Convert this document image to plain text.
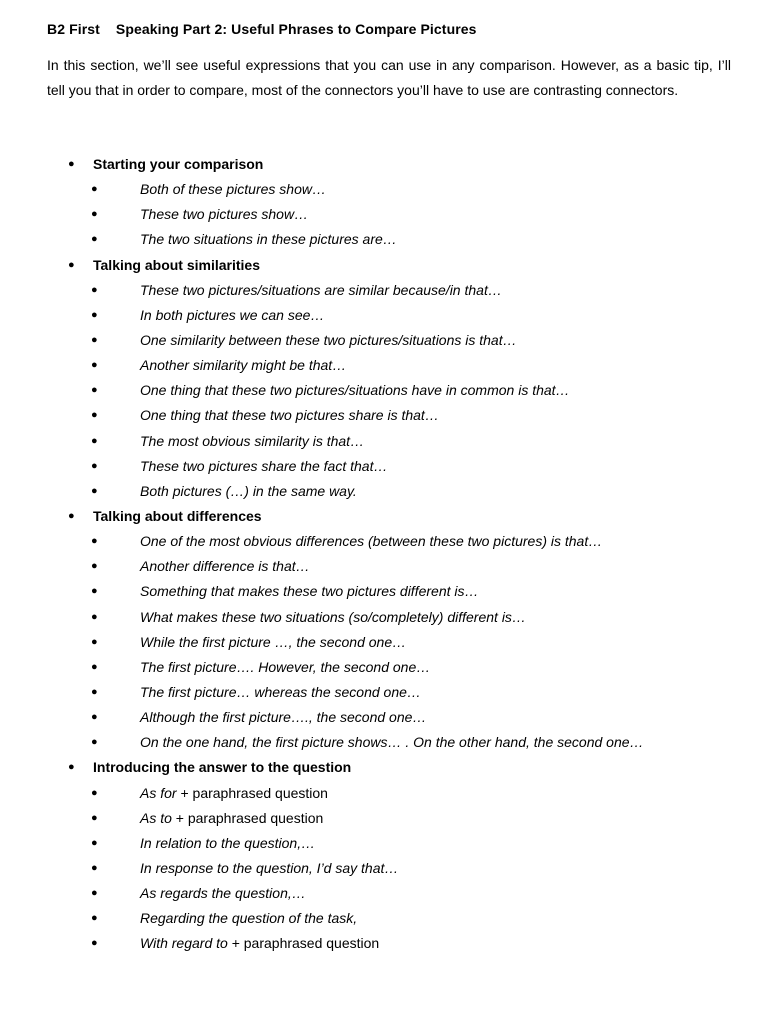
B2 First    Speaking Part 2: Useful Phrases to Compare Pictures
In this section, we’ll see useful expressions that you can use in any comparison. However, as a basic tip, I’ll tell you that in order to compare, most of the connectors you’ll have to use are contrasting connectors.
● Starting your comparison
●	Both of these pictures show…
●	These two pictures show…
●	The two situations in these pictures are…
● Talking about similarities
●	These two pictures/situations are similar because/in that…
●	In both pictures we can see…
●	One similarity between these two pictures/situations is that…
●	Another similarity might be that…
●	One thing that these two pictures/situations have in common is that…
●	One thing that these two pictures share is that…
●	The most obvious similarity is that…
●	These two pictures share the fact that…
●	Both pictures (…) in the same way.
● Talking about differences
●	One of the most obvious differences (between these two pictures) is that…
●	Another difference is that…
●	Something that makes these two pictures different is…
●	What makes these two situations (so/completely) different is…
●	While the first picture …, the second one…
●	The first picture…. However, the second one…
●	The first picture… whereas the second one…
●	Although the first picture…., the second one…
●	On the one hand, the first picture shows… . On the other hand, the second one…
● Introducing the answer to the question
●	As for + paraphrased question
●	As to + paraphrased question
●	In relation to the question,…
●	In response to the question, I’d say that…
●	As regards the question,…
●	Regarding the question of the task,
●	With regard to + paraphrased question
